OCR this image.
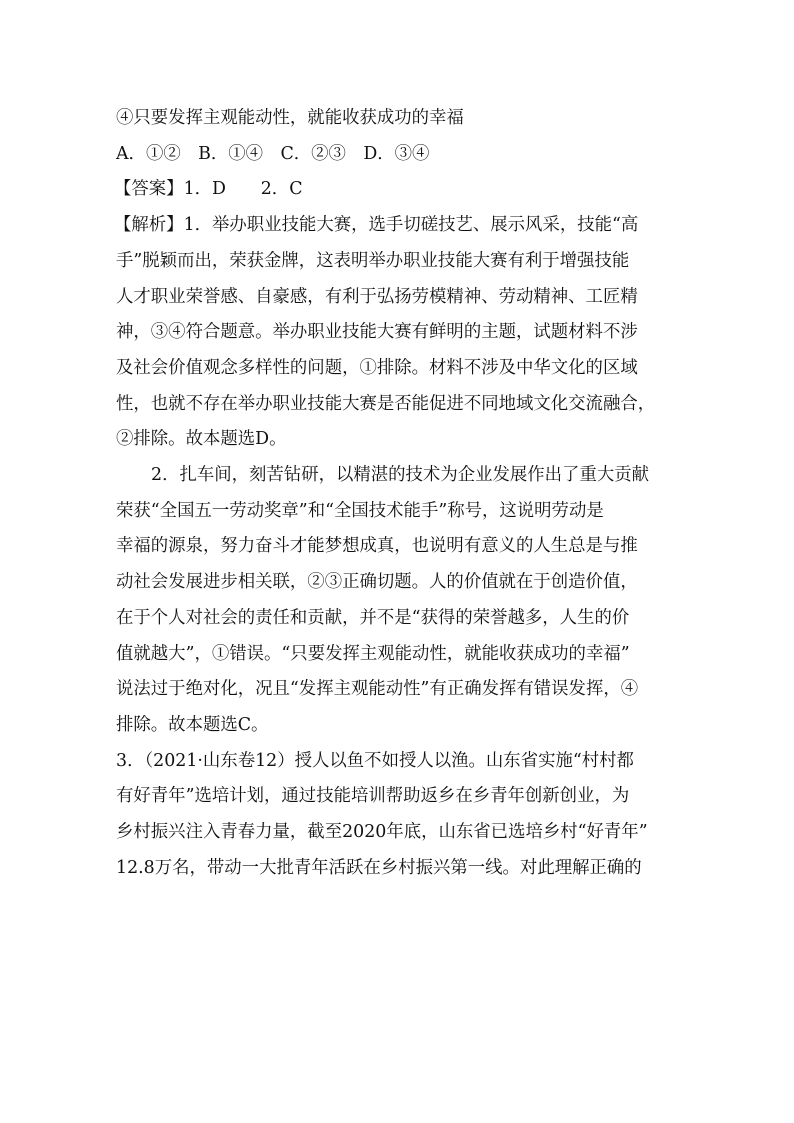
④只要发挥主观能动性，就能收获成功的幸福
A．①②　B．①④　C．②③　D．③④
【答案】1．D　　2．C
【解析】1．举办职业技能大赛，选手切磋技艺、展示风采，技能“高
手”脱颖而出，荣获金牌，这表明举办职业技能大赛有利于增强技能
人才职业荣誉感、自豪感，有利于弘扬劳模精神、劳动精神、工匠精
神，③④符合题意。举办职业技能大赛有鲜明的主题，试题材料不涉
及社会价值观念多样性的问题，①排除。材料不涉及中华文化的区域
性，也就不存在举办职业技能大赛是否能促进不同地域文化交流融合，
②排除。故本题选D。
2．扎车间，刻苦钻研，以精湛的技术为企业发展作出了重大贡献
荣获“全国五一劳动奖章”和“全国技术能手”称号，这说明劳动是
幸福的源泉，努力奋斗才能梦想成真，也说明有意义的人生总是与推
动社会发展进步相关联，②③正确切题。人的价值就在于创造价值，
在于个人对社会的责任和贡献，并不是“获得的荣誉越多，人生的价
值就越大”，①错误。“只要发挥主观能动性，就能收获成功的幸福”
说法过于绝对化，况且“发挥主观能动性”有正确发挥有错误发挥，④
排除。故本题选C。
3．（2021·山东卷12）授人以鱼不如授人以渔。山东省实施“村村都
有好青年”选培计划，通过技能培训帮助返乡在乡青年创新创业，为
乡村振兴注入青春力量，截至2020年底，山东省已选培乡村“好青年”
12.8万名，带动一大批青年活跃在乡村振兴第一线。对此理解正确的
